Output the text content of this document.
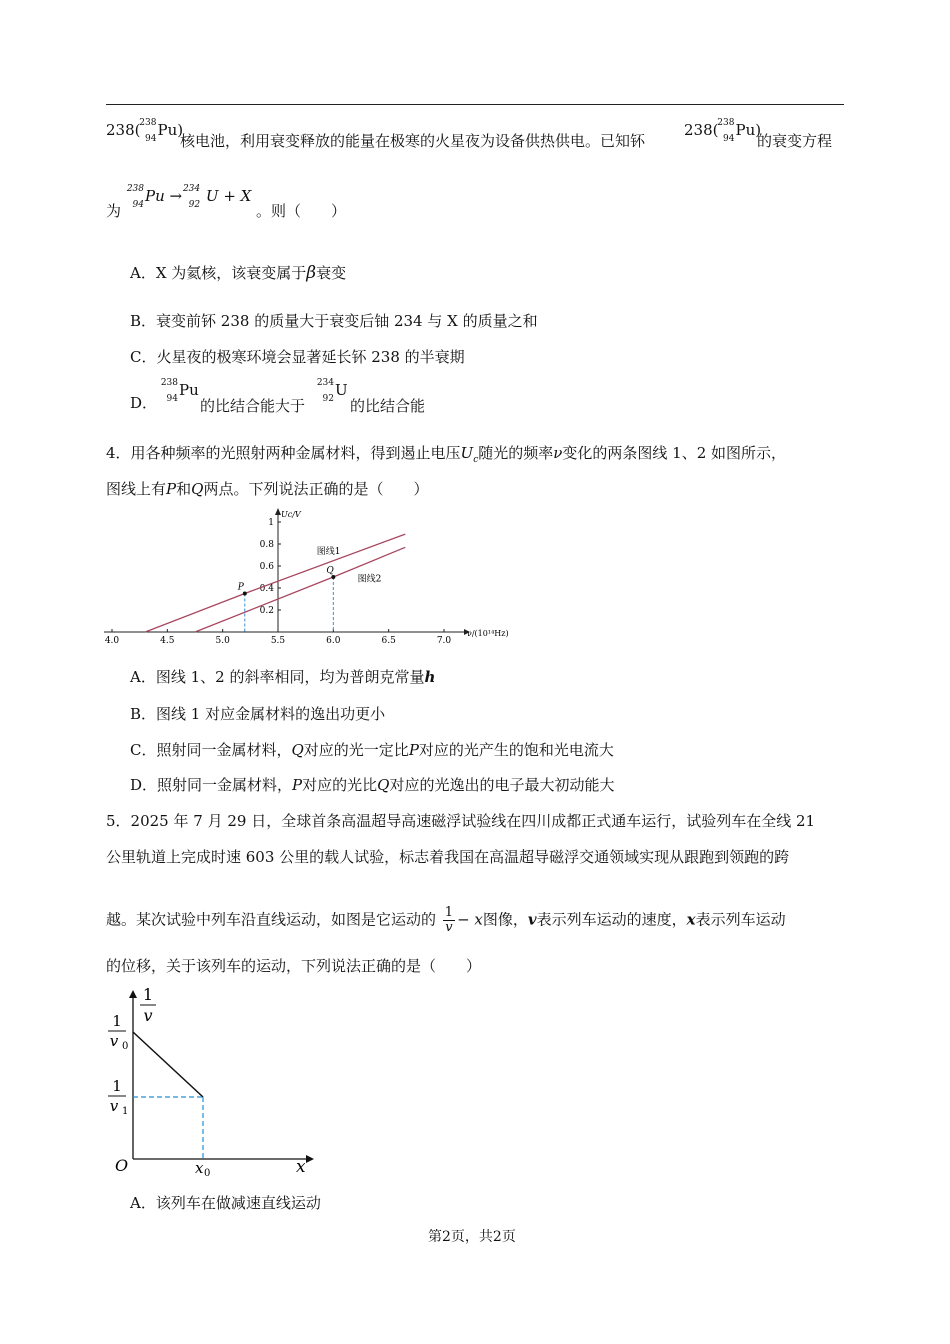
238(
238
94 Pu)
核电池，利用衰变释放的能量在极寒的火星夜为设备供热供电。已知钚
238(
238
94 Pu)
的衰变方程
为
238
94 Pu → 234
92 U + X
。则（　　）
A．X 为氦核，该衰变属于β衰变
B．衰变前钚 238 的质量大于衰变后铀 234 与 X 的质量之和
C．火星夜的极寒环境会显著延长钚 238 的半衰期
D．
238
94 Pu
的比结合能大于
234
92 U
的比结合能
4．用各种频率的光照射两种金属材料，得到遏止电压$U_c$随光的频率ν变化的两条图线 1、2 如图所示，
图线上有P和Q两点。下列说法正确的是（　　）
4.0	4.5	5.0	5.5	6.0	6.5	7.0
0.2
0.4
0.6
0.8
1
Uc/V
ν/(10¹⁴Hz)
图线1
图线2
P
Q
A．图线 1、2 的斜率相同，均为普朗克常量h
B．图线 1 对应金属材料的逸出功更小
C．照射同一金属材料，Q对应的光一定比P对应的光产生的饱和光电流大
D．照射同一金属材料，P对应的光比Q对应的光逸出的电子最大初动能大
5．2025 年 7 月 29 日，全球首条高温超导高速磁浮试验线在四川成都正式通车运行，试验列车在全线 21
公里轨道上完成时速 603 公里的载人试验，标志着我国在高温超导磁浮交通领域实现从跟跑到领跑的跨
越。某次试验中列车沿直线运动，如图是它运动的 $\frac{1}{v} - x$图像，v表示列车运动的速度，x表示列车运动
的位移，关于该列车的运动，下列说法正确的是（　　）
1
v
1
v 0
1
v 1
O	x 0	x
A．该列车在做减速直线运动
第2页，共2页
